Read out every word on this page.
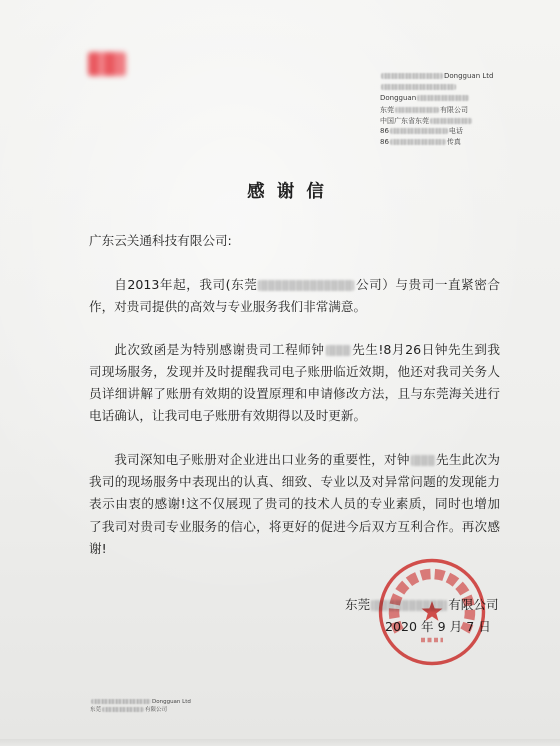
Dongguan Ltd
Dongguan
东莞	有限公司
中国广东省东莞
86	电话
86	传真
感 谢 信
广东云关通科技有限公司:
自2013年起，我司(东莞	公司）与贵司一直紧密合
作，对贵司提供的高效与专业服务我们非常满意。
此次致函是为特别感谢贵司工程师钟 先生!8月26日钟先生到我
司现场服务，发现并及时提醒我司电子账册临近效期，他还对我司关务人
员详细讲解了账册有效期的设置原理和申请修改方法，且与东莞海关进行
电话确认，让我司电子账册有效期得以及时更新。
我司深知电子账册对企业进出口业务的重要性，对钟 先生此次为
我司的现场服务中表现出的认真、细致、专业以及对异常问题的发现能力
表示由衷的感谢!这不仅展现了贵司的技术人员的专业素质，同时也增加
了我司对贵司专业服务的信心，将更好的促进今后双方互利合作。再次感
谢!
东莞	有限公司
2020 年 9 月 7 日
Dongguan Ltd
东莞	有限公司
